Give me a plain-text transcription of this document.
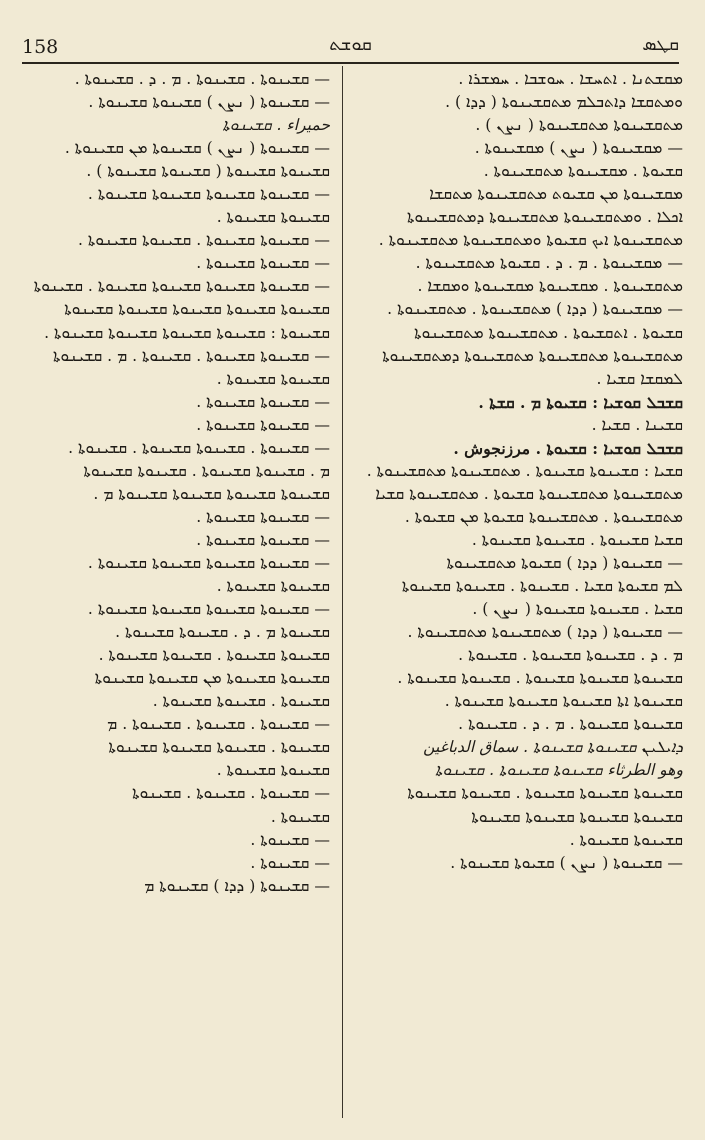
158	ܩܘܫܬ	ܩܛܣ
ܡܩܫܬܢܐ . ܐܬܚܫܐ . ܚܘܫܒܐ . ܚܡܫܪܐ .
ܘܡܬܩܫܐ ܕܐܬܒܠܡ ܡܬܩܫܝܢܘܬܐ ( ܕܕܐ ) .
ܡܬܩܫܝܢܘܬܐ ܡܬܩܫܝܢܘܬܐ ( ܢܨܢ ) .
— ܡܩܫܝܢܘܬܐ ( ܢܨܢ ) ܡܩܫܝܢܘܬܐ .
ܩܫܝܘܬܐ . ܡܩܫܝܢܘܬܐ ܡܬܩܫܝܢܘܬܐ .
ܡܩܫܝܢܘܬܐ ܡܢ ܩܫܝܘܬ ܡܬܩܫܝܢܘܬܐ ܡܬܩܫܐ
ܐܟܠܐ . ܘܡܬܩܫܝܢܘܬܐ ܡܬܩܫܝܢܘܬܐ ܕܡܬܩܫܝܢܘܬܐ
ܡܬܩܫܝܢܘܬܐ ܐܝܟ ܩܫܝܘܬܐ ܘܡܬܩܫܝܢܘܬܐ ܡܬܩܫܝܢܘܬܐ .
— ܡܩܫܝܢܘܬܐ . ܡ . ܕ . ܩܫܝܘܬܐ ܡܬܩܫܝܢܘܬܐ .
ܡܬܩܫܝܢܘܬܐ . ܡܩܫܝܢܘܬܐ ܡܩܫܝܢܘܬܐ ܘܡܩܫܐ .
— ܡܩܫܝܢܘܬܐ ( ܕܕܐ ) ܡܬܩܫܝܢܘܬܐ . ܡܬܩܫܝܢܘܬܐ .
ܩܫܝܘܬܐ . ܐܬܩܫܝܘܬܐ . ܡܬܩܫܝܢܘܬܐ ܡܬܩܫܝܢܘܬܐ
ܡܬܩܫܝܢܘܬܐ ܡܬܩܫܝܢܘܬܐ ܡܬܩܫܝܢܘܬܐ ܕܡܬܩܫܝܢܘܬܐ
ܠܡܩܫܐ ܩܫܝܐ .
ܩܫܒܠ ܩܘܫܝܐ : ܩܫܝܘܬܐ ܡ . ܩܫܬܐ .
ܩܫܝܢܐ . ܩܫܝܐ .
ܩܫܒܠ ܩܘܫܝܐ : ܩܫܝܘܬܐ . مرزنجوش .
ܩܫܝܐ : ܩܫܝܢܘܬܐ ܩܫܝܢܘܬܐ . ܡܬܩܫܝܢܘܬܐ ܡܬܩܫܝܢܘܬܐ .
ܡܬܩܫܝܢܘܬܐ ܡܬܩܫܝܢܘܬܐ ܩܫܝܘܬܐ . ܡܬܩܫܝܢܘܬܐ ܩܫܝܐ
ܡܬܩܫܝܢܘܬܐ . ܡܬܩܫܝܢܘܬܐ ܩܫܝܘܬܐ ܡܢ ܩܫܝܘܬܐ .
ܩܫܝܐ ܩܫܝܢܘܬܐ . ܩܫܝܢܘܬܐ ܩܫܝܢܘܬܐ .
— ܩܫܝܢܘܬܐ ( ܕܕܐ ) ܩܫܝܘܬܐ ܡܬܩܫܝܢܘܬܐ
ܠܡ ܩܫܝܘܬܐ ܩܫܝܐ . ܩܫܝܢܘܬܐ . ܩܫܝܢܘܬܐ ܩܫܝܢܘܬܐ
ܩܫܝܐ . ܩܫܝܢܘܬܐ ܩܫܝܢܘܬܐ ( ܢܨܢ ) .
— ܩܫܝܢܘܬܐ ( ܕܕܐ ) ܡܬܩܫܝܢܘܬܐ ܡܬܩܫܝܢܘܬܐ .
ܡ . ܕ . ܩܫܝܢܘܬܐ ܩܫܝܢܘܬܐ . ܩܫܝܢܘܬܐ .
ܩܫܝܢܘܬܐ ܩܫܝܢܘܬܐ ܩܫܝܢܘܬܐ . ܩܫܝܢܘܬܐ ܩܫܝܢܘܬܐ .
ܩܫܝܢܘܬܐ ܐܬܐ ܩܫܝܢܘܬܐ ܩܫܝܢܘܬܐ ܩܫܝܢܘܬܐ .
ܩܫܝܢܘܬܐ ܩܫܝܢܘܬܐ . ܡ . ܕ . ܩܫܝܢܘܬܐ .
ܕܐܝܠܝܢ ܩܫܝܢܘܬܐ ܩܫܝܢܘܬܐ . سماق الدباغين
وهو الطرثاء ܩܫܝܢܘܬܐ ܩܫܝܢܘܬܐ . ܩܫܝܢܘܬܐ
ܩܫܝܢܘܬܐ ܩܫܝܢܘܬܐ ܩܫܝܢܘܬܐ . ܩܫܝܢܘܬܐ ܩܫܝܢܘܬܐ
ܩܫܝܢܘܬܐ ܩܫܝܢܘܬܐ ܩܫܝܢܘܬܐ ܩܫܝܢܘܬܐ
ܩܫܝܢܘܬܐ ܩܫܝܢܘܬܐ .
— ܩܫܝܢܘܬܐ ( ܢܨܢ ) ܩܫܝܘܬܐ ܩܫܝܢܘܬܐ .
— ܩܫܝܢܘܬܐ . ܩܫܝܢܘܬܐ . ܡ . ܕ . ܩܫܝܢܘܬܐ .
— ܩܫܝܢܘܬܐ ( ܢܨܢ ) ܩܫܝܢܘܬܐ ܩܫܝܢܘܬܐ .
حميراء . ܩܫܝܢܘܬܐ
— ܩܫܝܢܘܬܐ ( ܢܨܢ ) ܩܫܝܢܘܬܐ ܡܢ ܩܫܝܢܘܬܐ .
ܩܫܝܢܘܬܐ ܩܫܝܢܘܬܐ ( ܩܫܝܢܘܬܐ ܩܫܝܢܘܬܐ ) .
— ܩܫܝܢܘܬܐ ܩܫܝܢܘܬܐ ܩܫܝܢܘܬܐ ܩܫܝܢܘܬܐ .
ܩܫܝܢܘܬܐ ܩܫܝܢܘܬܐ .
— ܩܫܝܢܘܬܐ ܩܫܝܢܘܬܐ . ܩܫܝܢܘܬܐ ܩܫܝܢܘܬܐ .
— ܩܫܝܢܘܬܐ ܩܫܝܢܘܬܐ .
— ܩܫܝܢܘܬܐ ܩܫܝܢܘܬܐ ܩܫܝܢܘܬܐ ܩܫܝܢܘܬܐ . ܩܫܝܢܘܬܐ
ܩܫܝܢܘܬܐ ܩܫܝܢܘܬܐ ܩܫܝܢܘܬܐ ܩܫܝܢܘܬܐ ܩܫܝܢܘܬܐ
ܩܫܝܢܘܬܐ : ܩܫܝܢܘܬܐ ܩܫܝܢܘܬܐ ܩܫܝܢܘܬܐ ܩܫܝܢܘܬܐ .
— ܩܫܝܢܘܬܐ ܩܫܝܢܘܬܐ . ܩܫܝܢܘܬܐ . ܡ . ܩܫܝܢܘܬܐ
ܩܫܝܢܘܬܐ ܩܫܝܢܘܬܐ .
— ܩܫܝܢܘܬܐ ܩܫܝܢܘܬܐ .
— ܩܫܝܢܘܬܐ ܩܫܝܢܘܬܐ .
— ܩܫܝܢܘܬܐ . ܩܫܝܢܘܬܐ ܩܫܝܢܘܬܐ . ܩܫܝܢܘܬܐ .
ܡ . ܩܫܝܢܘܬܐ ܩܫܝܢܘܬܐ . ܩܫܝܢܘܬܐ ܩܫܝܢܘܬܐ
ܩܫܝܢܘܬܐ ܩܫܝܢܘܬܐ ܩܫܝܢܘܬܐ ܩܫܝܢܘܬܐ ܡ .
— ܩܫܝܢܘܬܐ ܩܫܝܢܘܬܐ .
— ܩܫܝܢܘܬܐ ܩܫܝܢܘܬܐ .
— ܩܫܝܢܘܬܐ ܩܫܝܢܘܬܐ ܩܫܝܢܘܬܐ ܩܫܝܢܘܬܐ .
ܩܫܝܢܘܬܐ ܩܫܝܢܘܬܐ .
— ܩܫܝܢܘܬܐ ܩܫܝܢܘܬܐ ܩܫܝܢܘܬܐ ܩܫܝܢܘܬܐ .
ܩܫܝܢܘܬܐ ܡ . ܕ . ܩܫܝܢܘܬܐ ܩܫܝܢܘܬܐ .
ܩܫܝܢܘܬܐ ܩܫܝܢܘܬܐ . ܩܫܝܢܘܬܐ ܩܫܝܢܘܬܐ .
ܩܫܝܢܘܬܐ ܩܫܝܢܘܬܐ ܡܢ ܩܫܝܢܘܬܐ ܩܫܝܢܘܬܐ
ܩܫܝܢܘܬܐ . ܩܫܝܢܘܬܐ ܩܫܝܢܘܬܐ .
— ܩܫܝܢܘܬܐ . ܩܫܝܢܘܬܐ . ܩܫܝܢܘܬܐ . ܡ
ܩܫܝܢܘܬܐ . ܩܫܝܢܘܬܐ ܩܫܝܢܘܬܐ ܩܫܝܢܘܬܐ
ܩܫܝܢܘܬܐ ܩܫܝܢܘܬܐ .
— ܩܫܝܢܘܬܐ . ܩܫܝܢܘܬܐ . ܩܫܝܢܘܬܐ
ܩܫܝܢܘܬܐ .
— ܩܫܝܢܘܬܐ .
— ܩܫܝܢܘܬܐ .
— ܩܫܝܢܘܬܐ ( ܕܕܐ ) ܩܫܝܢܘܬܐ ܡ
